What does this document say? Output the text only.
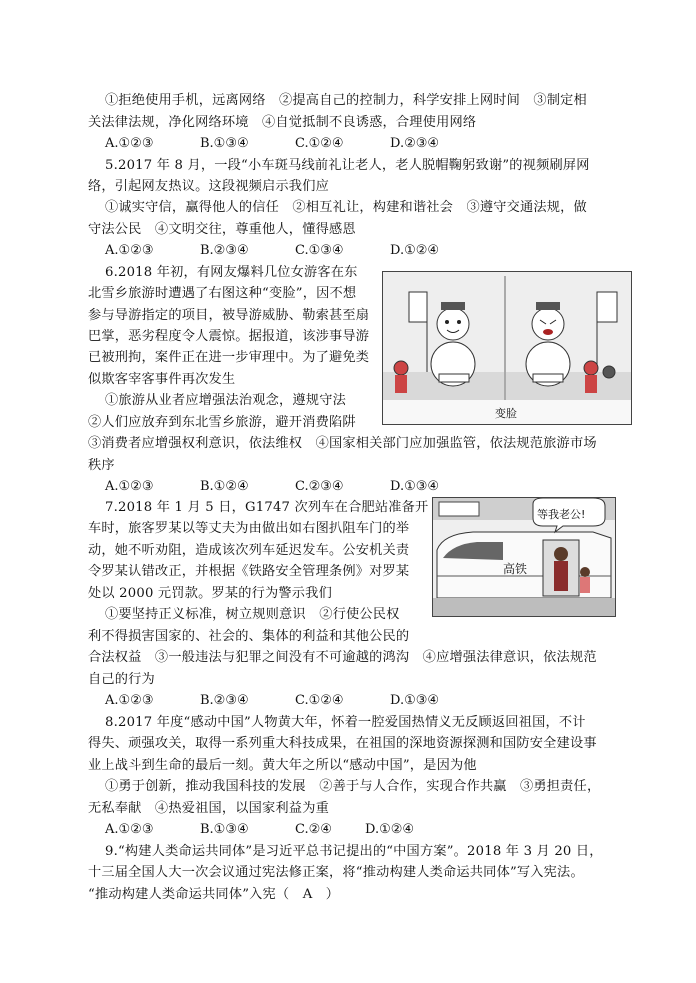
①拒绝使用手机，远离网络　②提高自己的控制力，科学安排上网时间　③制定相
关法律法规，净化网络环境　④自觉抵制不良诱惑，合理使用网络
A.①②③	B.①③④	C.①②④	D.②③④
5.2017 年 8 月，一段“小车斑马线前礼让老人，老人脱帽鞠躬致谢”的视频刷屏网
络，引起网友热议。这段视频启示我们应
①诚实守信，赢得他人的信任　②相互礼让，构建和谐社会　③遵守交通法规，做
守法公民　④文明交往，尊重他人，懂得感恩
A.①②③	B.②③④	C.①③④	D.①②④
6.2018 年初，有网友爆料几位女游客在东
北雪乡旅游时遭遇了右图这种“变脸”，因不想
参与导游指定的项目，被导游威胁、勒索甚至扇
巴掌，恶劣程度令人震惊。据报道，该涉事导游
已被刑拘，案件正在进一步审理中。为了避免类
似欺客宰客事件再次发生
①旅游从业者应增强法治观念，遵规守法
②人们应放弃到东北雪乡旅游，避开消费陷阱
③消费者应增强权利意识，依法维权　④国家相关部门应加强监管，依法规范旅游市场
秩序
A.①②③	B.①②④	C.②③④	D.①③④
变脸
7.2018 年 1 月 5 日，G1747 次列车在合肥站准备开
车时，旅客罗某以等丈夫为由做出如右图扒阻车门的举
动，她不听劝阻，造成该次列车延迟发车。公安机关责
令罗某认错改正，并根据《铁路安全管理条例》对罗某
处以 2000 元罚款。罗某的行为警示我们
①要坚持正义标准，树立规则意识　②行使公民权
利不得损害国家的、社会的、集体的利益和其他公民的
合法权益　③一般违法与犯罪之间没有不可逾越的鸿沟　④应增强法律意识，依法规范
自己的行为
A.①②③	B.②③④	C.①②④	D.①③④
等我老公!
高铁
8.2017 年度“感动中国”人物黄大年，怀着一腔爱国热情义无反顾返回祖国，不计
得失、顽强攻关，取得一系列重大科技成果，在祖国的深地资源探测和国防安全建设事
业上战斗到生命的最后一刻。黄大年之所以“感动中国”，是因为他
①勇于创新，推动我国科技的发展　②善于与人合作，实现合作共赢　③勇担责任，
无私奉献　④热爱祖国，以国家利益为重
A.①②③	B.①③④	C.②④	D.①②④
9.“构建人类命运共同体”是习近平总书记提出的“中国方案”。2018 年 3 月 20 日，
十三届全国人大一次会议通过宪法修正案，将“推动构建人类命运共同体”写入宪法。
“推动构建人类命运共同体”入宪（　A　）
